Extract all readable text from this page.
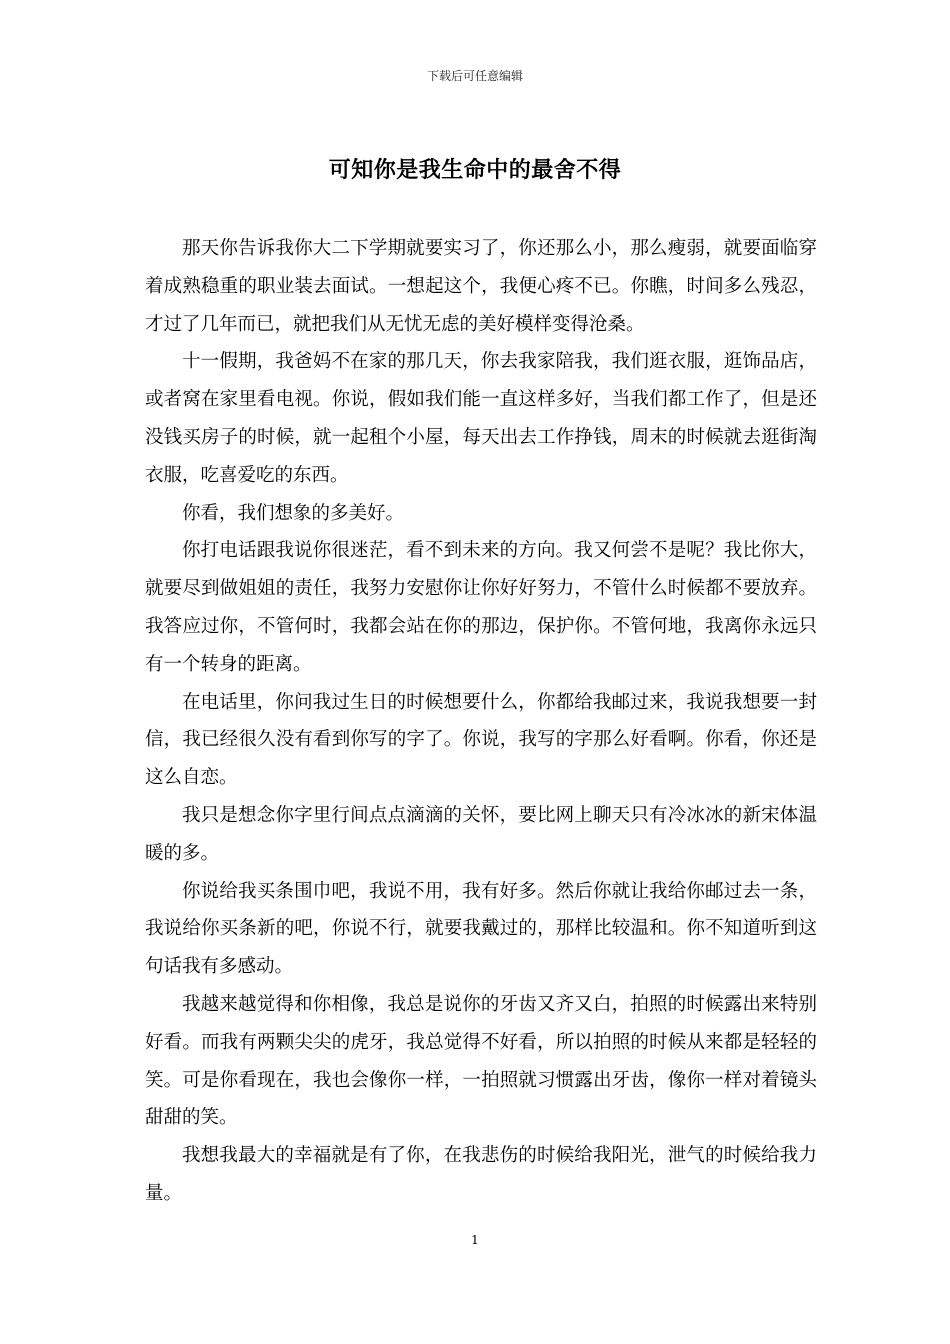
下载后可任意编辑
可知你是我生命中的最舍不得

那天你告诉我你大二下学期就要实习了，你还那么小，那么瘦弱，就要面临穿着成熟稳重的职业装去面试。一想起这个，我便心疼不已。你瞧，时间多么残忍，才过了几年而已，就把我们从无忧无虑的美好模样变得沧桑。

十一假期，我爸妈不在家的那几天，你去我家陪我，我们逛衣服，逛饰品店，或者窝在家里看电视。你说，假如我们能一直这样多好，当我们都工作了，但是还没钱买房子的时候，就一起租个小屋，每天出去工作挣钱，周末的时候就去逛街淘衣服，吃喜爱吃的东西。

你看，我们想象的多美好。

你打电话跟我说你很迷茫，看不到未来的方向。我又何尝不是呢？我比你大，就要尽到做姐姐的责任，我努力安慰你让你好好努力，不管什么时候都不要放弃。我答应过你，不管何时，我都会站在你的那边，保护你。不管何地，我离你永远只有一个转身的距离。

在电话里，你问我过生日的时候想要什么，你都给我邮过来，我说我想要一封信，我已经很久没有看到你写的字了。你说，我写的字那么好看啊。你看，你还是这么自恋。

我只是想念你字里行间点点滴滴的关怀，要比网上聊天只有冷冰冰的新宋体温暖的多。

你说给我买条围巾吧，我说不用，我有好多。然后你就让我给你邮过去一条，我说给你买条新的吧，你说不行，就要我戴过的，那样比较温和。你不知道听到这句话我有多感动。

我越来越觉得和你相像，我总是说你的牙齿又齐又白，拍照的时候露出来特别好看。而我有两颗尖尖的虎牙，我总觉得不好看，所以拍照的时候从来都是轻轻的笑。可是你看现在，我也会像你一样，一拍照就习惯露出牙齿，像你一样对着镜头甜甜的笑。

我想我最大的幸福就是有了你，在我悲伤的时候给我阳光，泄气的时候给我力量。

1
